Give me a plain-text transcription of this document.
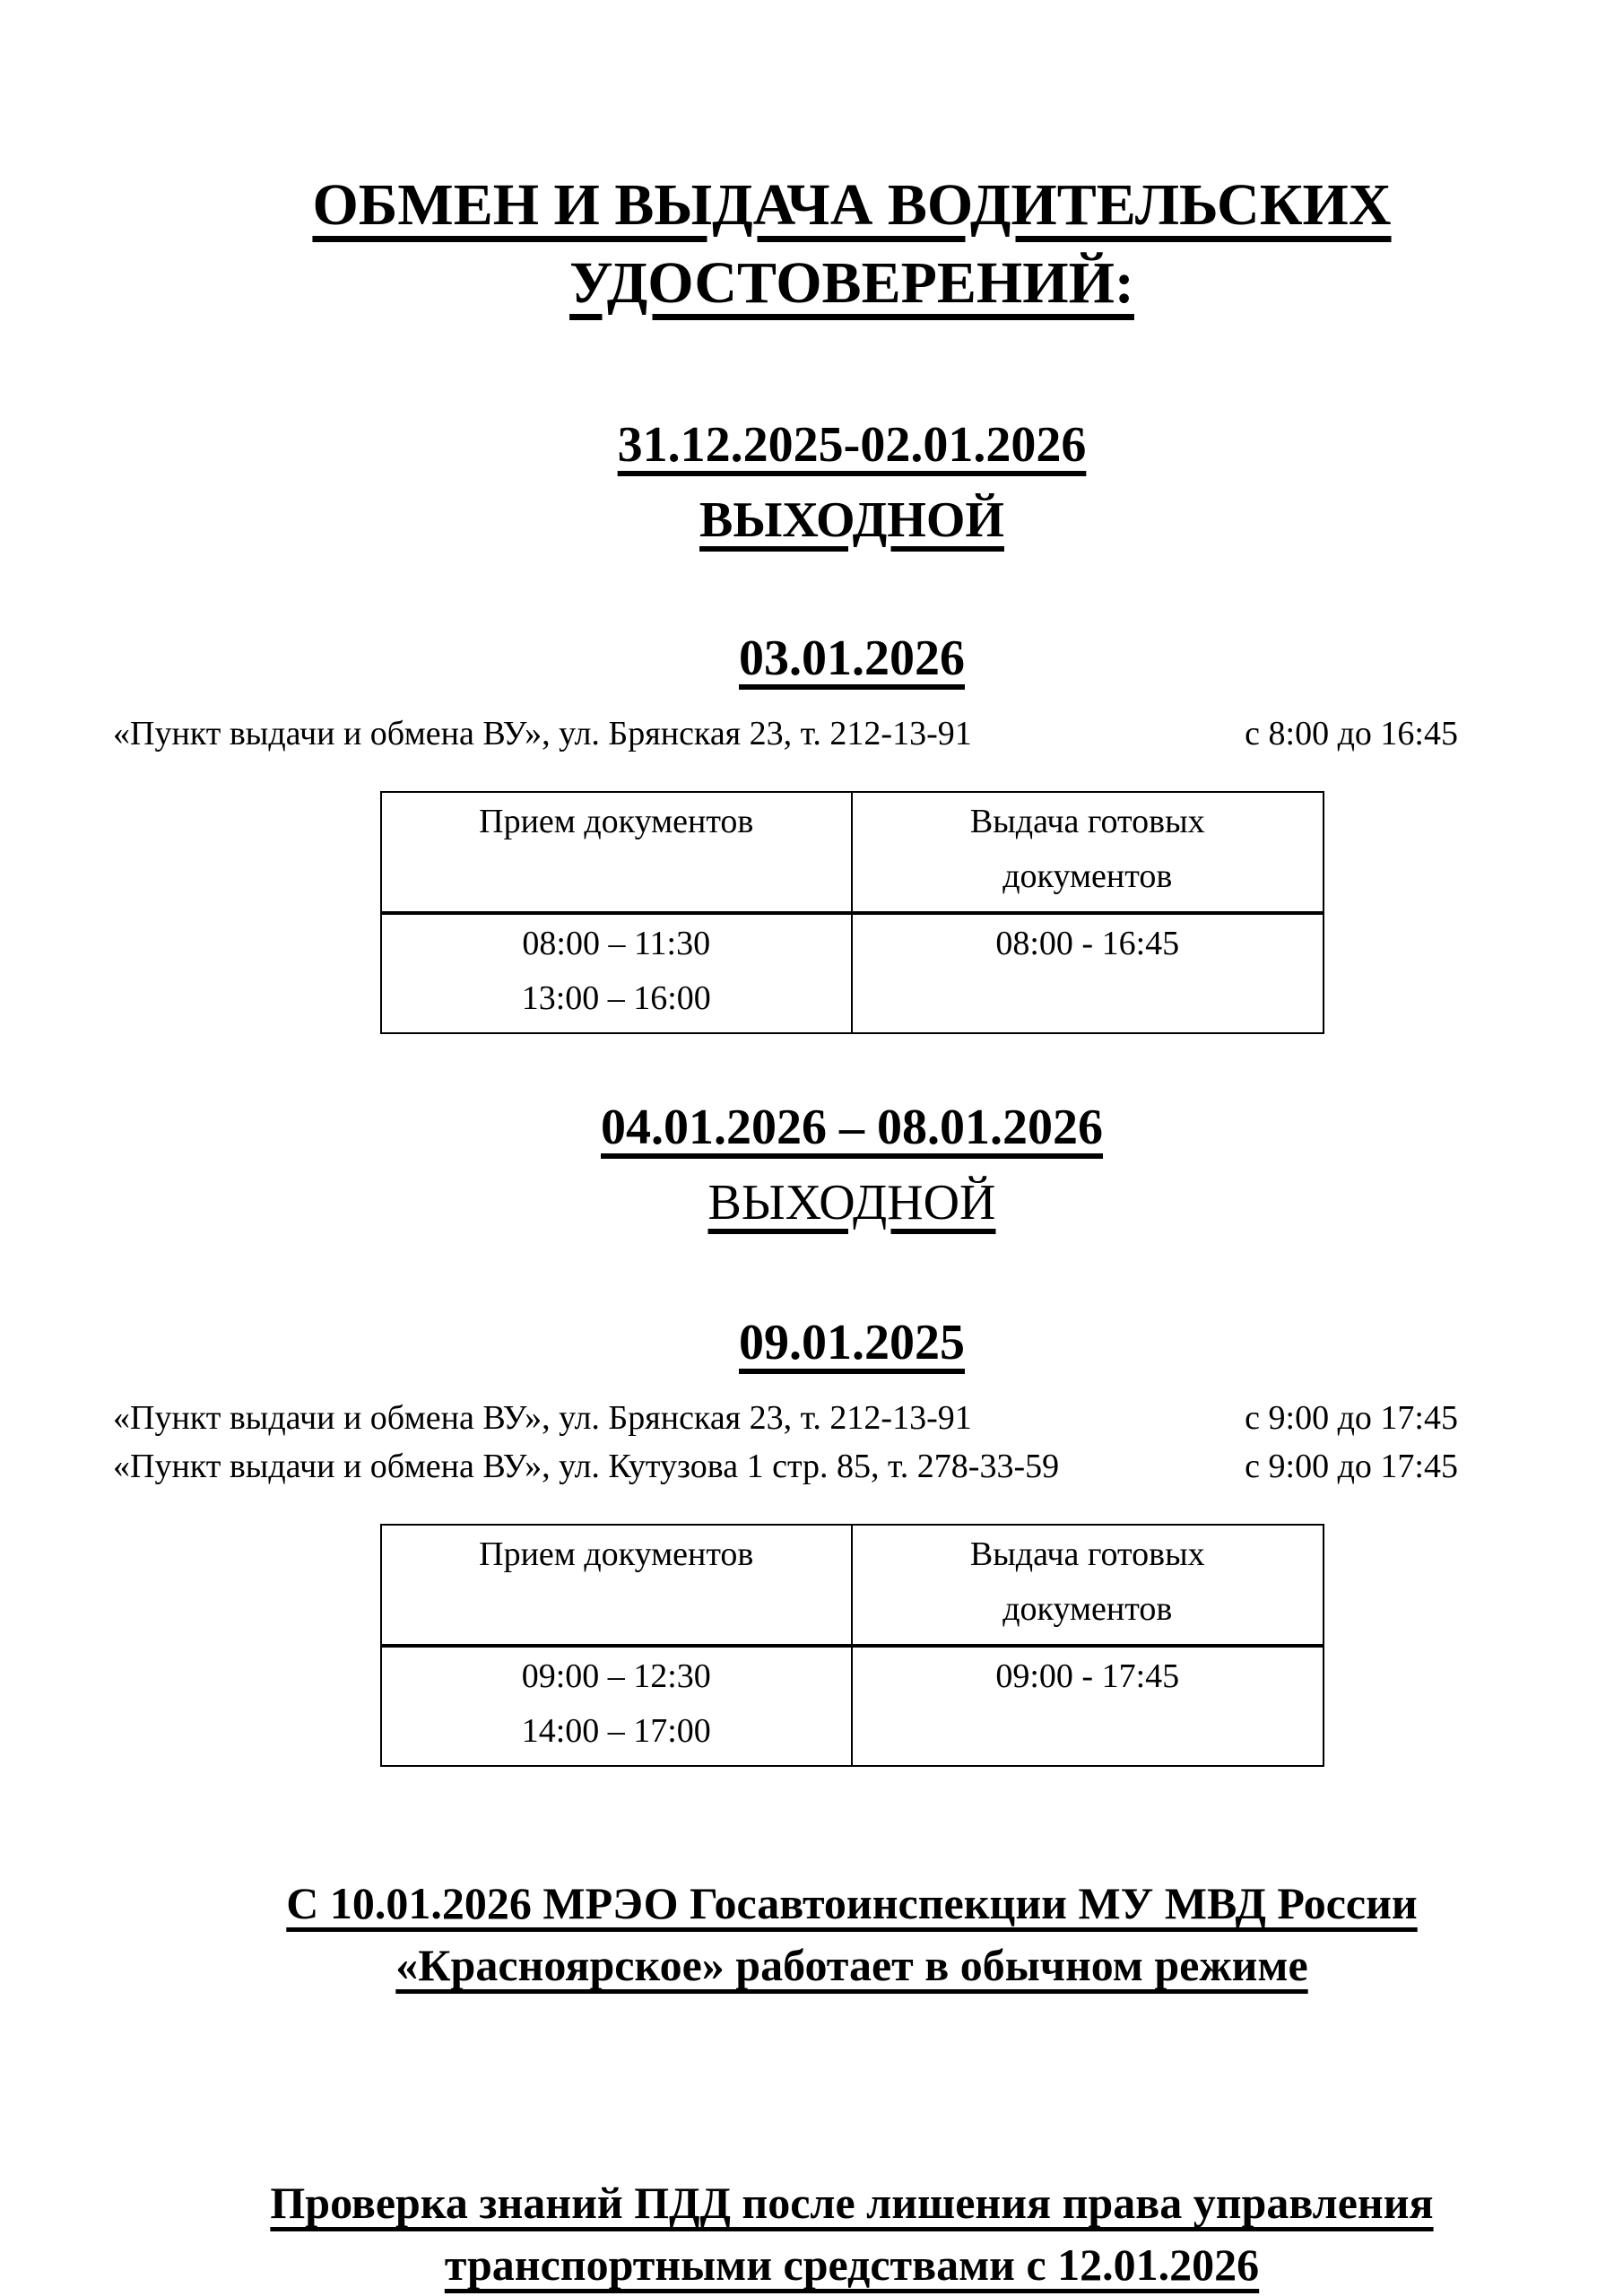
ОБМЕН И ВЫДАЧА ВОДИТЕЛЬСКИХ УДОСТОВЕРЕНИЙ:
31.12.2025-02.01.2026
ВЫХОДНОЙ
03.01.2026
«Пункт выдачи и обмена ВУ», ул. Брянская 23, т. 212-13-91	с 8:00 до 16:45
Прием документов	Выдача готовых документов

08:00 – 11:30
13:00 – 16:00	08:00 - 16:45
04.01.2026 – 08.01.2026
ВЫХОДНОЙ
09.01.2025
«Пункт выдачи и обмена ВУ», ул. Брянская 23, т. 212-13-91	с 9:00 до 17:45
«Пункт выдачи и обмена ВУ», ул. Кутузова 1 стр. 85, т. 278-33-59	с 9:00 до 17:45
Прием документов	Выдача готовых документов

09:00 – 12:30
14:00 – 17:00	09:00 - 17:45
С 10.01.2026 МРЭО Госавтоинспекции МУ МВД России «Красноярское» работает в обычном режиме
Проверка знаний ПДД после лишения права управления транспортными средствами с 12.01.2026
